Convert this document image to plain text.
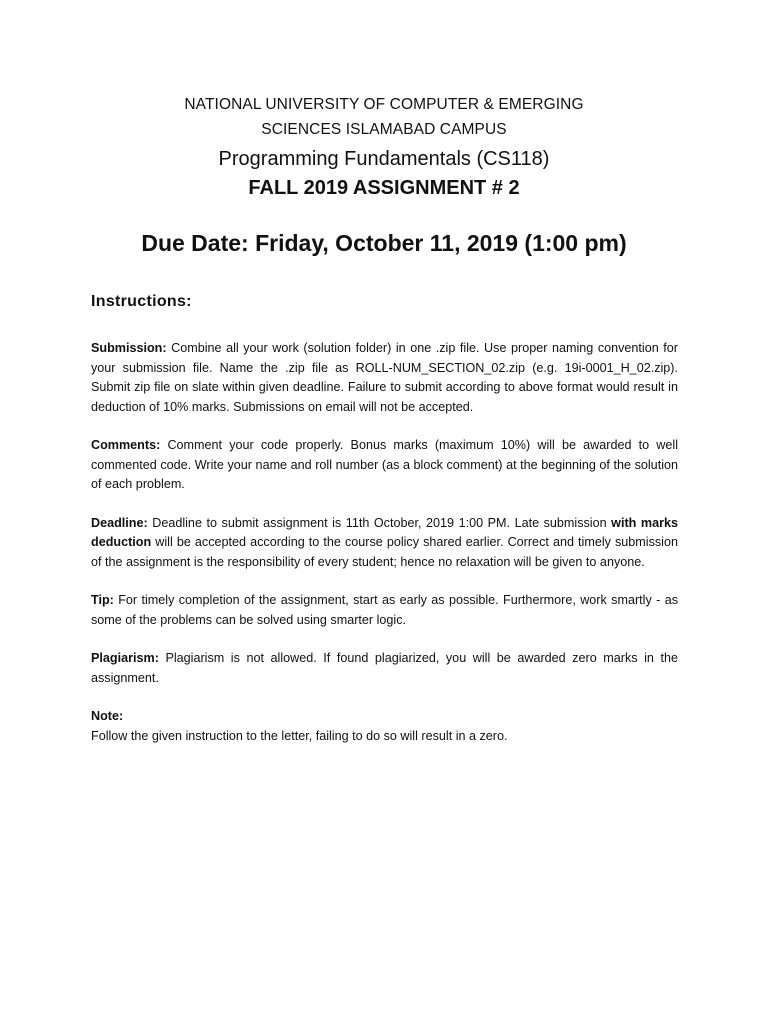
NATIONAL UNIVERSITY OF COMPUTER & EMERGING
SCIENCES ISLAMABAD CAMPUS
Programming Fundamentals (CS118)
FALL 2019 ASSIGNMENT # 2
Due Date: Friday, October 11, 2019 (1:00 pm)
Instructions:

Submission: Combine all your work (solution folder) in one .zip file. Use proper naming convention for your submission file. Name the .zip file as ROLL-NUM_SECTION_02.zip (e.g. 19i-0001_H_02.zip). Submit zip file on slate within given deadline. Failure to submit according to above format would result in deduction of 10% marks. Submissions on email will not be accepted.

Comments: Comment your code properly. Bonus marks (maximum 10%) will be awarded to well commented code. Write your name and roll number (as a block comment) at the beginning of the solution of each problem.

Deadline: Deadline to submit assignment is 11th October, 2019 1:00 PM. Late submission with marks deduction will be accepted according to the course policy shared earlier. Correct and timely submission of the assignment is the responsibility of every student; hence no relaxation will be given to anyone.

Tip: For timely completion of the assignment, start as early as possible. Furthermore, work smartly - as some of the problems can be solved using smarter logic.

Plagiarism: Plagiarism is not allowed. If found plagiarized, you will be awarded zero marks in the assignment.

Note:
Follow the given instruction to the letter, failing to do so will result in a zero.
